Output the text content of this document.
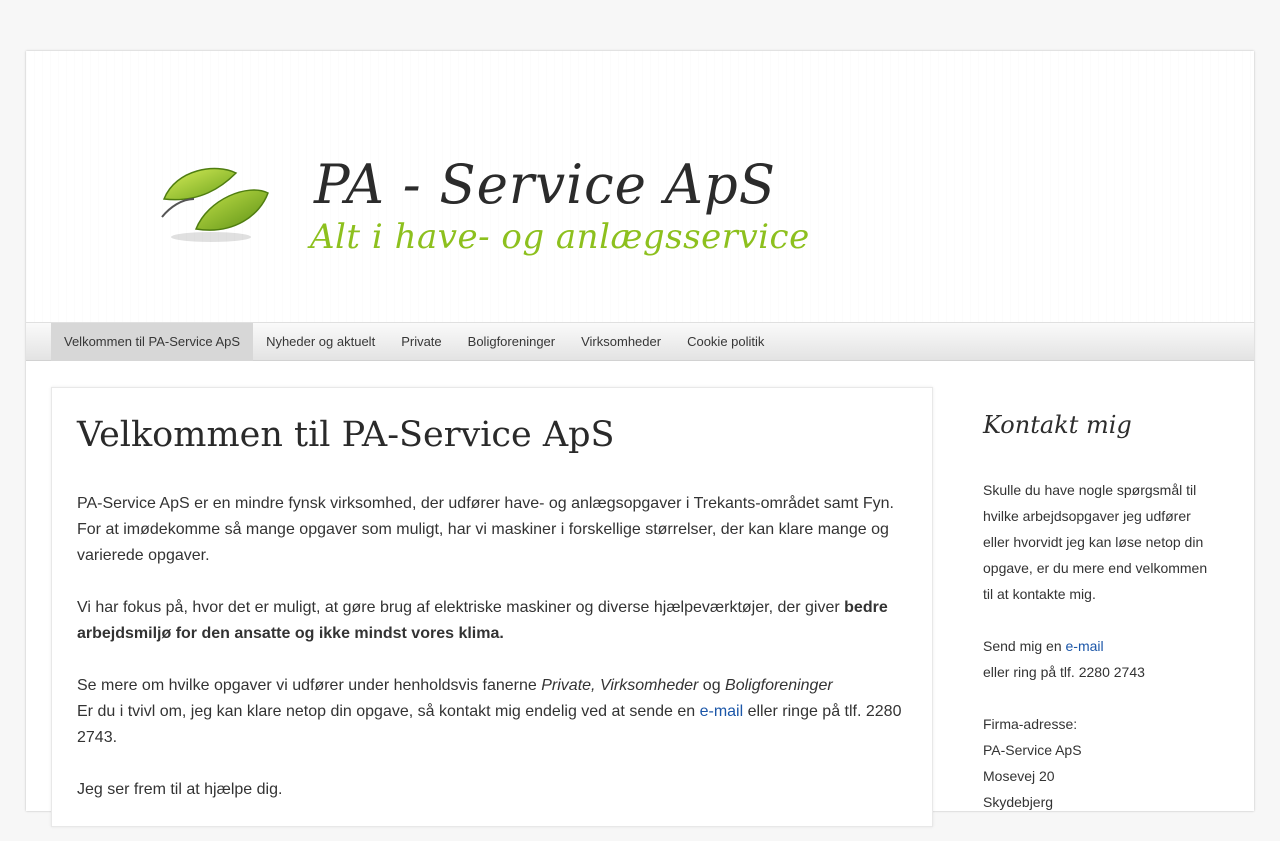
PA - Service ApS
Alt i have- og anlægsservice
Velkommen til PA-Service ApS	Nyheder og aktuelt	Private	Boligforeninger	Virksomheder	Cookie politik
Velkommen til PA-Service ApS

PA-Service ApS er en mindre fynsk virksomhed, der udfører have- og anlægsopgaver i Trekants-området samt Fyn. For at imødekomme så mange opgaver som muligt, har vi maskiner i forskellige størrelser, der kan klare mange og varierede opgaver.

Vi har fokus på, hvor det er muligt, at gøre brug af elektriske maskiner og diverse hjælpeværktøjer, der giver bedre arbejdsmiljø for den ansatte og ikke mindst vores klima.

Se mere om hvilke opgaver vi udfører under henholdsvis fanerne Private, Virksomheder og Boligforeninger
Er du i tvivl om, jeg kan klare netop din opgave, så kontakt mig endelig ved at sende en e-mail eller ringe på tlf. 2280 2743.

Jeg ser frem til at hjælpe dig.

Kontakt mig

Skulle du have nogle spørgsmål til hvilke arbejdsopgaver jeg udfører eller hvorvidt jeg kan løse netop din opgave, er du mere end velkommen til at kontakte mig.

Send mig en e-mail
eller ring på tlf. 2280 2743

Firma-adresse:
PA-Service ApS
Mosevej 20
Skydebjerg
